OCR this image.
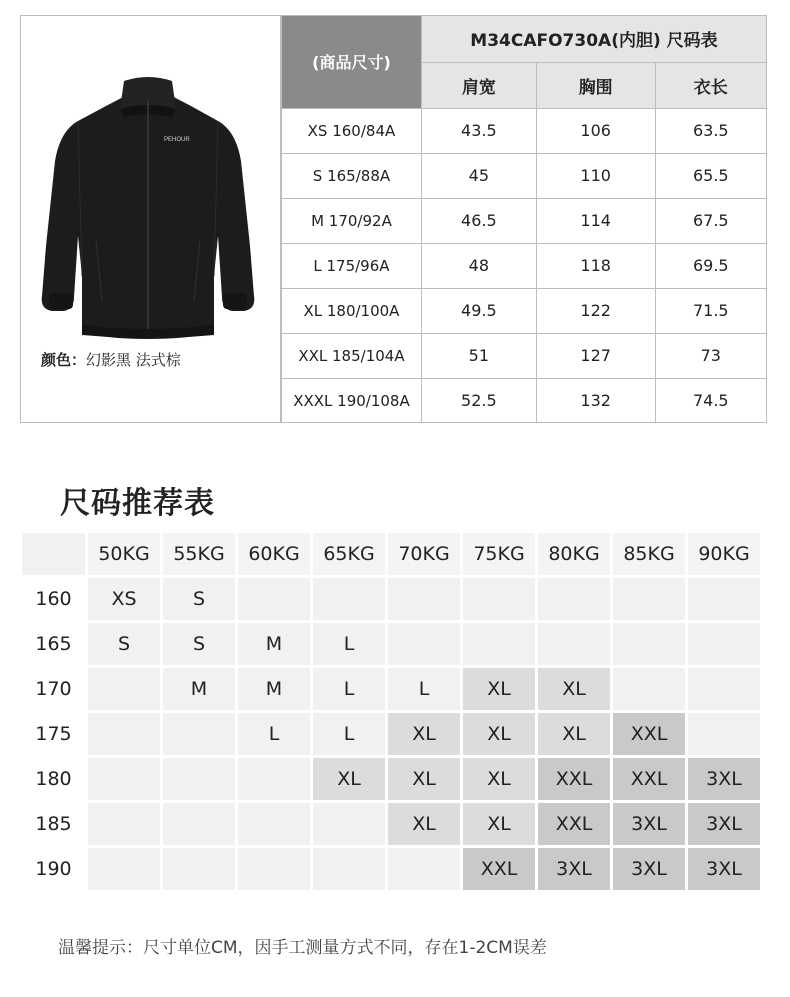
PEHOUR
颜色：幻影黑 法式棕
(商品尺寸)	M34CAFO730A(内胆) 尺码表		
	肩宽	胸围	衣长
XS 160/84A	43.5	106	63.5
S 165/88A	45	110	65.5
M 170/92A	46.5	114	67.5
L 175/96A	48	118	69.5
XL 180/100A	49.5	122	71.5
XXL 185/104A	51	127	73
XXXL 190/108A	52.5	132	74.5
尺码推荐表
	50KG	55KG	60KG	65KG	70KG	75KG	80KG	85KG	90KG
160	XS	S							
165	S	S	M	L					
170		M	M	L	L	XL	XL		
175			L	L	XL	XL	XL	XXL	
180				XL	XL	XL	XXL	XXL	3XL
185					XL	XL	XXL	3XL	3XL
190						XXL	3XL	3XL	3XL
温馨提示：尺寸单位CM，因手工测量方式不同，存在1-2CM误差
